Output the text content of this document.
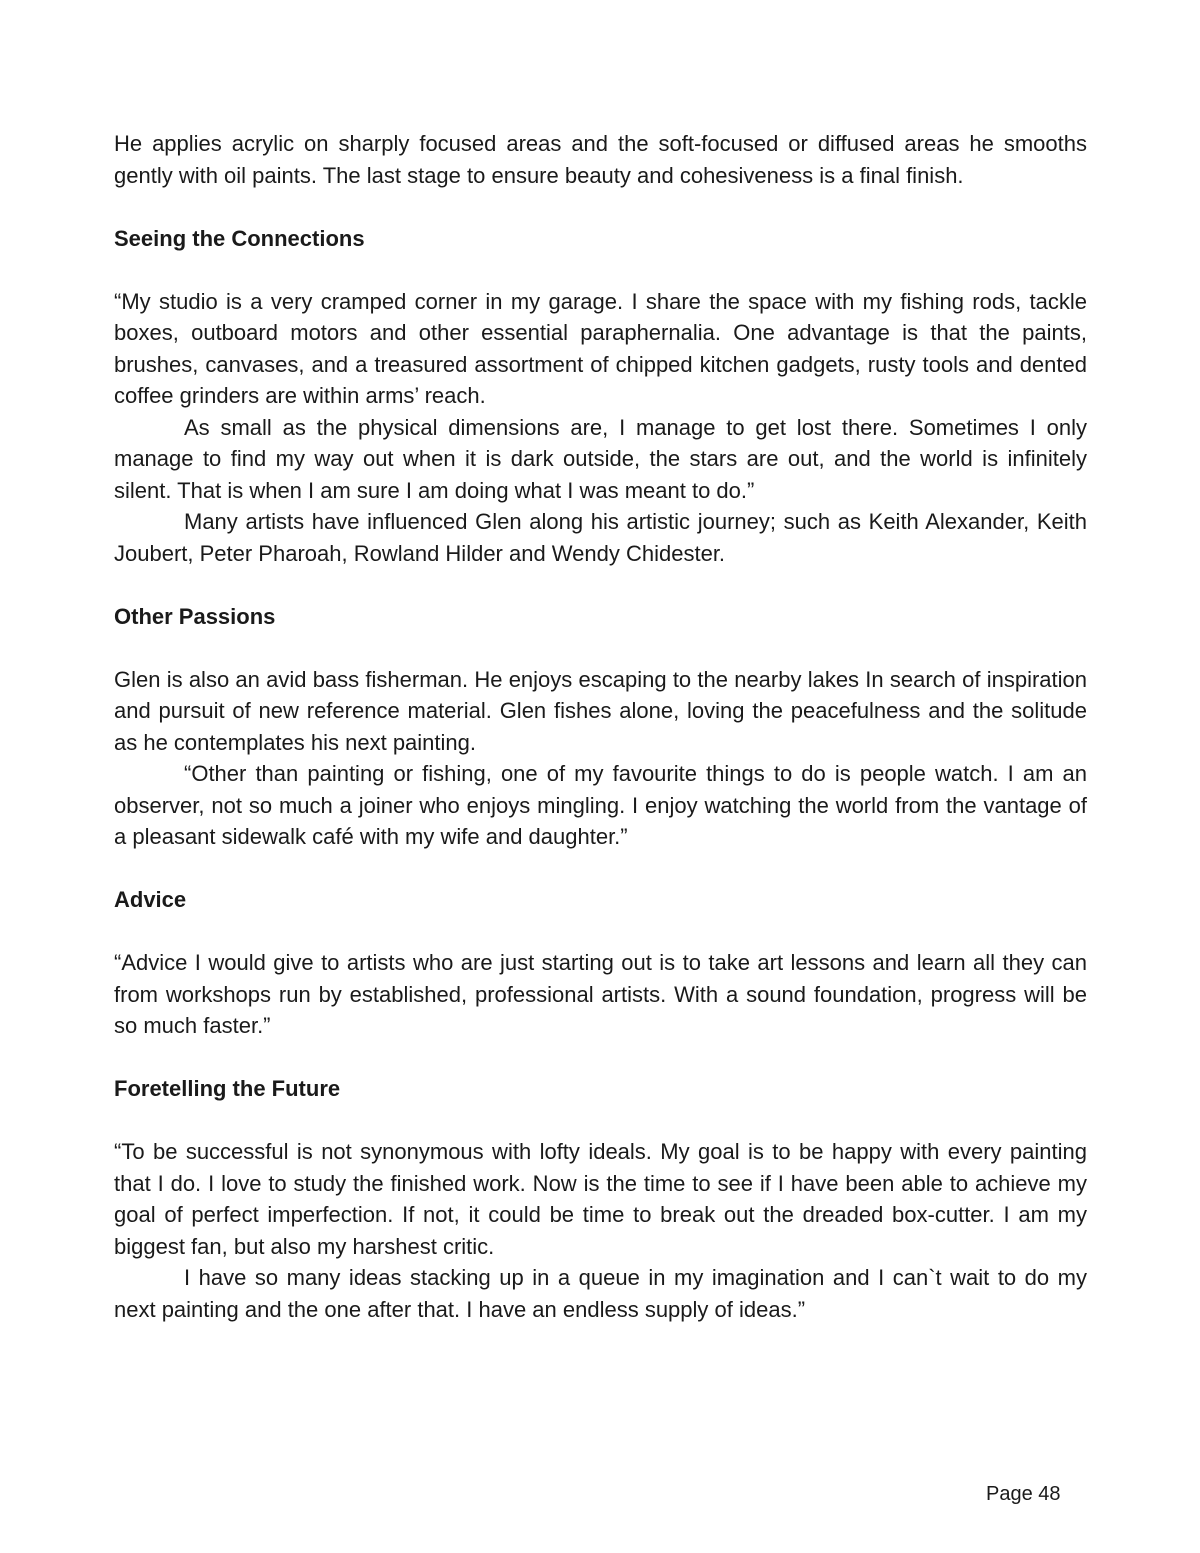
He applies acrylic on sharply focused areas and the soft-focused or diffused areas he smooths gently with oil paints. The last stage to ensure beauty and cohesiveness is a final finish.

Seeing the Connections

“My studio is a very cramped corner in my garage. I share the space with my fishing rods, tackle boxes, outboard motors and other essential paraphernalia. One advantage is that the paints, brushes, canvases, and a treasured assortment of chipped kitchen gadgets, rusty tools and dented coffee grinders are within arms’ reach.

As small as the physical dimensions are, I manage to get lost there. Sometimes I only manage to find my way out when it is dark outside, the stars are out, and the world is infinitely silent. That is when I am sure I am doing what I was meant to do.”

Many artists have influenced Glen along his artistic journey; such as Keith Alexander, Keith Joubert, Peter Pharoah, Rowland Hilder and Wendy Chidester.

Other Passions

Glen is also an avid bass fisherman. He enjoys escaping to the nearby lakes In search of inspiration and pursuit of new reference material. Glen fishes alone, loving the peacefulness and the solitude as he contemplates his next painting.

“Other than painting or fishing, one of my favourite things to do is people watch. I am an observer, not so much a joiner who enjoys mingling. I enjoy watching the world from the vantage of a pleasant sidewalk café with my wife and daughter.”

Advice

“Advice I would give to artists who are just starting out is to take art lessons and learn all they can from workshops run by established, professional artists. With a sound foundation, progress will be so much faster.”

Foretelling the Future

“To be successful is not synonymous with lofty ideals. My goal is to be happy with every painting that I do. I love to study the finished work. Now is the time to see if I have been able to achieve my goal of perfect imperfection. If not, it could be time to break out the dreaded box-cutter. I am my biggest fan, but also my harshest critic.

I have so many ideas stacking up in a queue in my imagination and I can`t wait to do my next painting and the one after that. I have an endless supply of ideas.”

Page 48
